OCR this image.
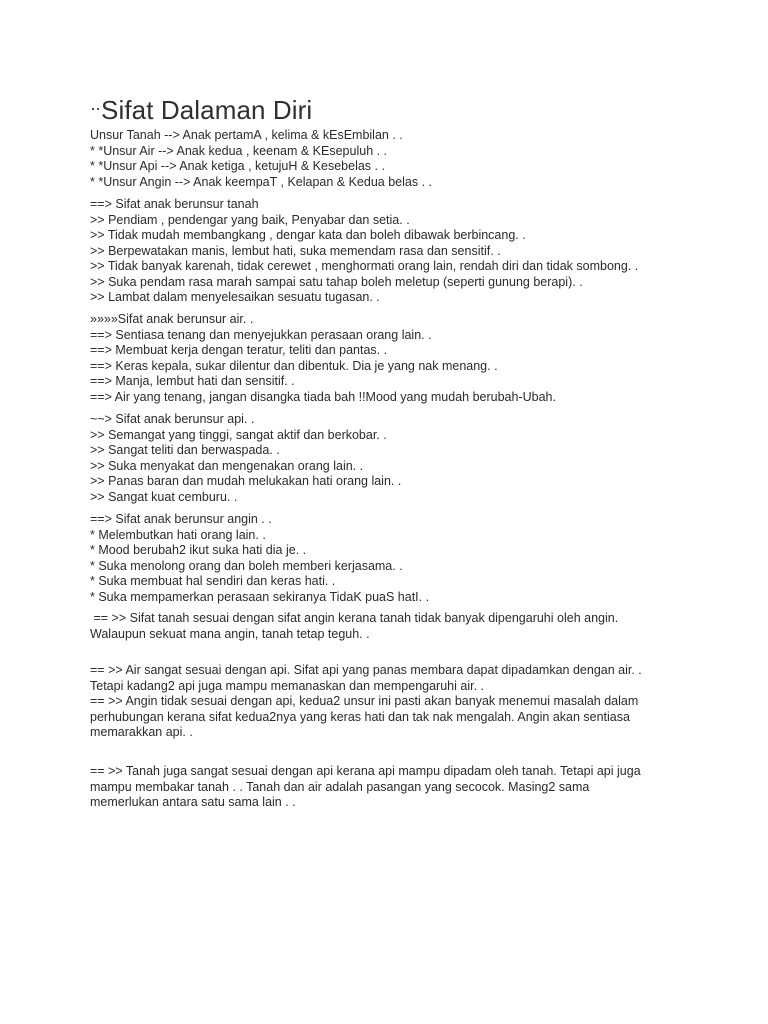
··Sifat Dalaman Diri
Unsur Tanah --> Anak pertamA , kelima & kEsEmbilan . .
* *Unsur Air --> Anak kedua , keenam & KEsepuluh . .
* *Unsur Api --> Anak ketiga , ketujuH & Kesebelas . .
* *Unsur Angin --> Anak keempaT , Kelapan & Kedua belas . .
==> Sifat anak berunsur tanah
>> Pendiam , pendengar yang baik, Penyabar dan setia. .
>> Tidak mudah membangkang , dengar kata dan boleh dibawak berbincang. .
>> Berpewatakan manis, lembut hati, suka memendam rasa dan sensitif. .
>> Tidak banyak karenah, tidak cerewet , menghormati orang lain, rendah diri dan tidak sombong. .
>> Suka pendam rasa marah sampai satu tahap boleh meletup (seperti gunung berapi). .
>> Lambat dalam menyelesaikan sesuatu tugasan. .
»»»»Sifat anak berunsur air. .
==> Sentiasa tenang dan menyejukkan perasaan orang lain. .
==> Membuat kerja dengan teratur, teliti dan pantas. .
==> Keras kepala, sukar dilentur dan dibentuk. Dia je yang nak menang. .
==> Manja, lembut hati dan sensitif. .
==> Air yang tenang, jangan disangka tiada bah !!Mood yang mudah berubah-Ubah.
~~> Sifat anak berunsur api. .
>> Semangat yang tinggi, sangat aktif dan berkobar. .
>> Sangat teliti dan berwaspada. .
>> Suka menyakat dan mengenakan orang lain. .
>> Panas baran dan mudah melukakan hati orang lain. .
>> Sangat kuat cemburu. .
==> Sifat anak berunsur angin . .
* Melembutkan hati orang lain. .
* Mood berubah2 ikut suka hati dia je. .
* Suka menolong orang dan boleh memberi kerjasama. .
* Suka membuat hal sendiri dan keras hati. .
* Suka mempamerkan perasaan sekiranya TidaK puaS hatI. .
== >> Sifat tanah sesuai dengan sifat angin kerana tanah tidak banyak dipengaruhi oleh angin.
Walaupun sekuat mana angin, tanah tetap teguh. .
== >> Air sangat sesuai dengan api. Sifat api yang panas membara dapat dipadamkan dengan air. .
Tetapi kadang2 api juga mampu memanaskan dan mempengaruhi air. .
== >> Angin tidak sesuai dengan api, kedua2 unsur ini pasti akan banyak menemui masalah dalam
perhubungan kerana sifat kedua2nya yang keras hati dan tak nak mengalah. Angin akan sentiasa
memarakkan api. .
== >> Tanah juga sangat sesuai dengan api kerana api mampu dipadam oleh tanah. Tetapi api juga
mampu membakar tanah . . Tanah dan air adalah pasangan yang secocok. Masing2 sama
memerlukan antara satu sama lain . .
